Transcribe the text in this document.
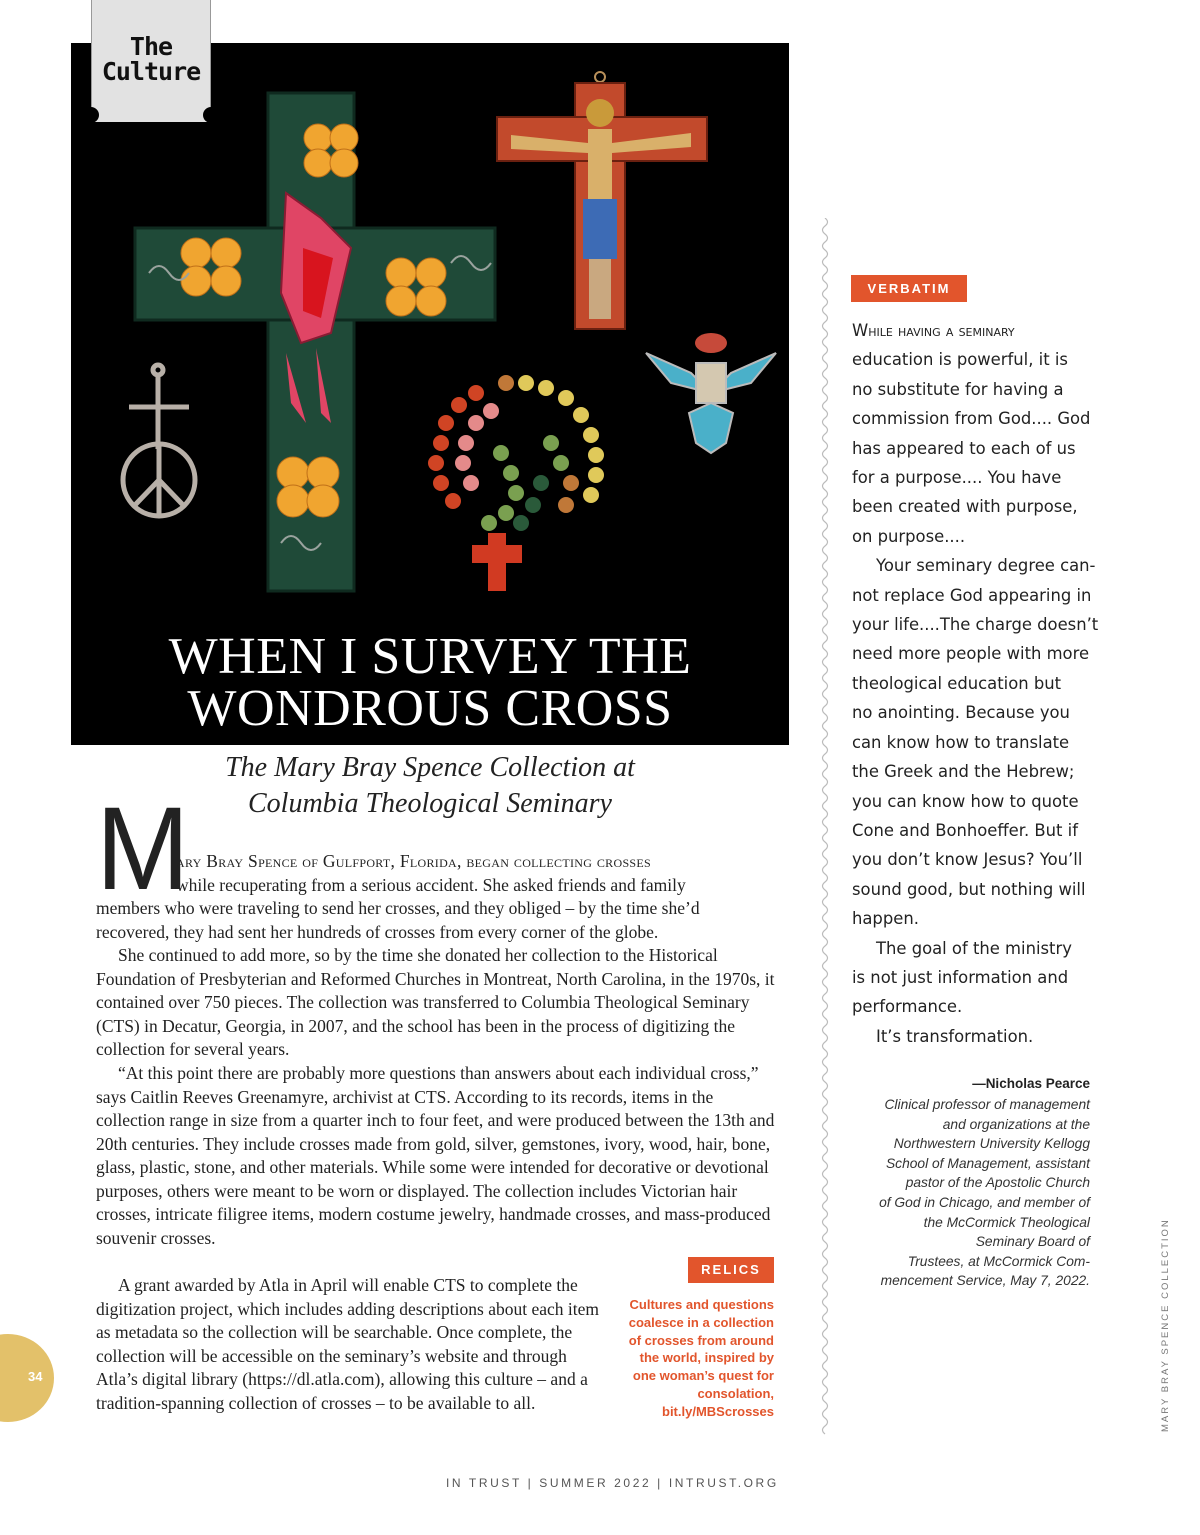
WHEN I SURVEY THE
WONDROUS CROSS
The
Culture
The Mary Bray Spence Collection at
Columbia Theological Seminary
M
ary Bray Spence of Gulfport, Florida, began collecting crosses
while recuperating from a serious accident. She asked friends and family
members who were traveling to send her crosses, and they obliged – by the time she’d
recovered, they had sent her hundreds of crosses from every corner of the globe.

She continued to add more, so by the time she donated her collection to the Historical Foundation of Presbyterian and Reformed Churches in Montreat, North Carolina, in the 1970s, it contained over 750 pieces. The collection was transferred to Columbia Theological Seminary (CTS) in Decatur, Georgia, in 2007, and the school has been in the process of digitizing the collection for several years.

“At this point there are probably more questions than answers about each individual cross,” says Caitlin Reeves Greenamyre, archivist at CTS. According to its records, items in the collection range in size from a quarter inch to four feet, and were produced between the 13th and 20th centuries. They include crosses made from gold, silver, gemstones, ivory, wood, hair, bone, glass, plastic, stone, and other materials. While some were intended for decorative or devotional purposes, others were meant to be worn or displayed. The collection includes Victorian hair crosses, intricate filigree items, modern costume jewelry, handmade crosses, and mass-produced souvenir crosses.

A grant awarded by Atla in April will enable CTS to complete the digitization project, which includes adding descriptions about each item as metadata so the collection will be searchable. Once complete, the collection will be accessible on the seminary’s website and through Atla’s digital library (https://dl.atla.com), allowing this culture – and a tradition-spanning collection of crosses – to be available to all.

RELICS
Cultures and questions coalesce in a collection of crosses from around the world, inspired by one woman’s quest for consolation, bit.ly/MBScrosses
VERBATIM
While having a seminary
education is powerful, it is
no substitute for having a
commission from God.... God
has appeared to each of us
for a purpose.... You have
been created with purpose,
on purpose....
Your seminary degree can-
not replace God appearing in
your life....The charge doesn’t
need more people with more
theological education but
no anointing. Because you
can know how to translate
the Greek and the Hebrew;
you can know how to quote
Cone and Bonhoeffer. But if
you don’t know Jesus? You’ll
sound good, but nothing will
happen.
The goal of the ministry
is not just information and
performance.
It’s transformation.
—Nicholas Pearce
Clinical professor of management
and organizations at the
Northwestern University Kellogg
School of Management, assistant
pastor of the Apostolic Church
of God in Chicago, and member of
the McCormick Theological
Seminary Board of
Trustees, at McCormick Com-
mencement Service, May 7, 2022.	MARY BRAY SPENCE COLLECTION
34
IN TRUST | SUMMER 2022 | INTRUST.ORG
